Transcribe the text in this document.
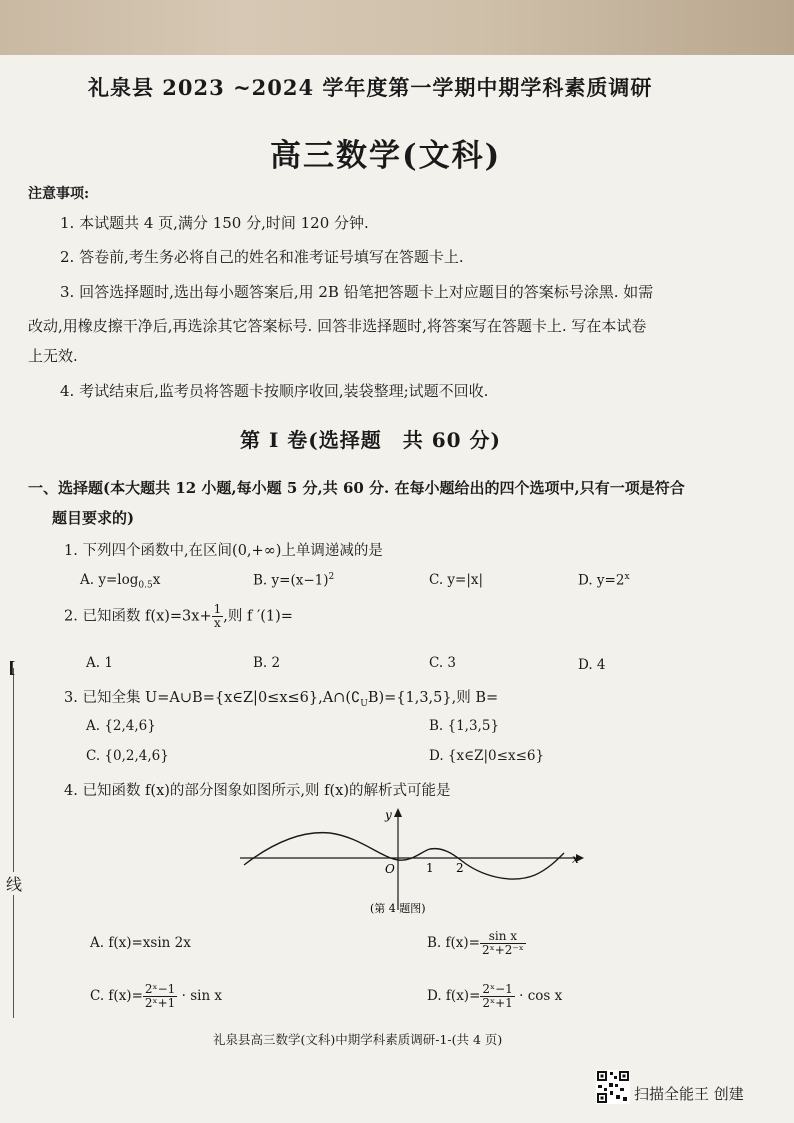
[
线
礼泉县 2023 ~2024 学年度第一学期中期学科素质调研
高三数学(文科)
注意事项:
1. 本试题共 4 页,满分 150 分,时间 120 分钟.
2. 答卷前,考生务必将自己的姓名和准考证号填写在答题卡上.
3. 回答选择题时,选出每小题答案后,用 2B 铅笔把答题卡上对应题目的答案标号涂黑. 如需
改动,用橡皮擦干净后,再选涂其它答案标号. 回答非选择题时,将答案写在答题卡上. 写在本试卷
上无效.
4. 考试结束后,监考员将答题卡按顺序收回,装袋整理;试题不回收.
第 I 卷(选择题　共 60 分)
一、选择题(本大题共 12 小题,每小题 5 分,共 60 分. 在每小题给出的四个选项中,只有一项是符合
题目要求的)
1. 下列四个函数中,在区间(0,+∞)上单调递减的是
A. $y=\log_{0.5}x$	B. $y=(x-1)^2$	C. y=|x|	D. $y=2^x$
2. 已知函数 $f(x)=3x+ \frac{1}{x}$ ,则 f ′(1)=
A. 1	B. 2	C. 3	D. 4
3. 已知全集 $U=A\cup B=\{x\in Z|0\le x\le 6\},A\cap(∁_UB)=\{1,3,5\}$,则 B=
A. {2,4,6}	B. {1,3,5}
C. {0,2,4,6}	D. {x∈Z|0≤x≤6}
4. 已知函数 f(x)的部分图象如图所示,则 f(x)的解析式可能是
y
x
O	1 2
(第 4 题图)
A. f(x)=xsin 2x	B. $f(x)= \frac{\text{sin x}}{\text{2ˣ+2⁻ˣ}}$
C. $f(x)= \frac{\text{2ˣ−1}}{\text{2ˣ+1}} \cdot \sin x$	D. $f(x)= \frac{\text{2ˣ−1}}{\text{2ˣ+1}} \cdot \cos x$
礼泉县高三数学(文科)中期学科素质调研-1-(共 4 页)
扫描全能王 创建
